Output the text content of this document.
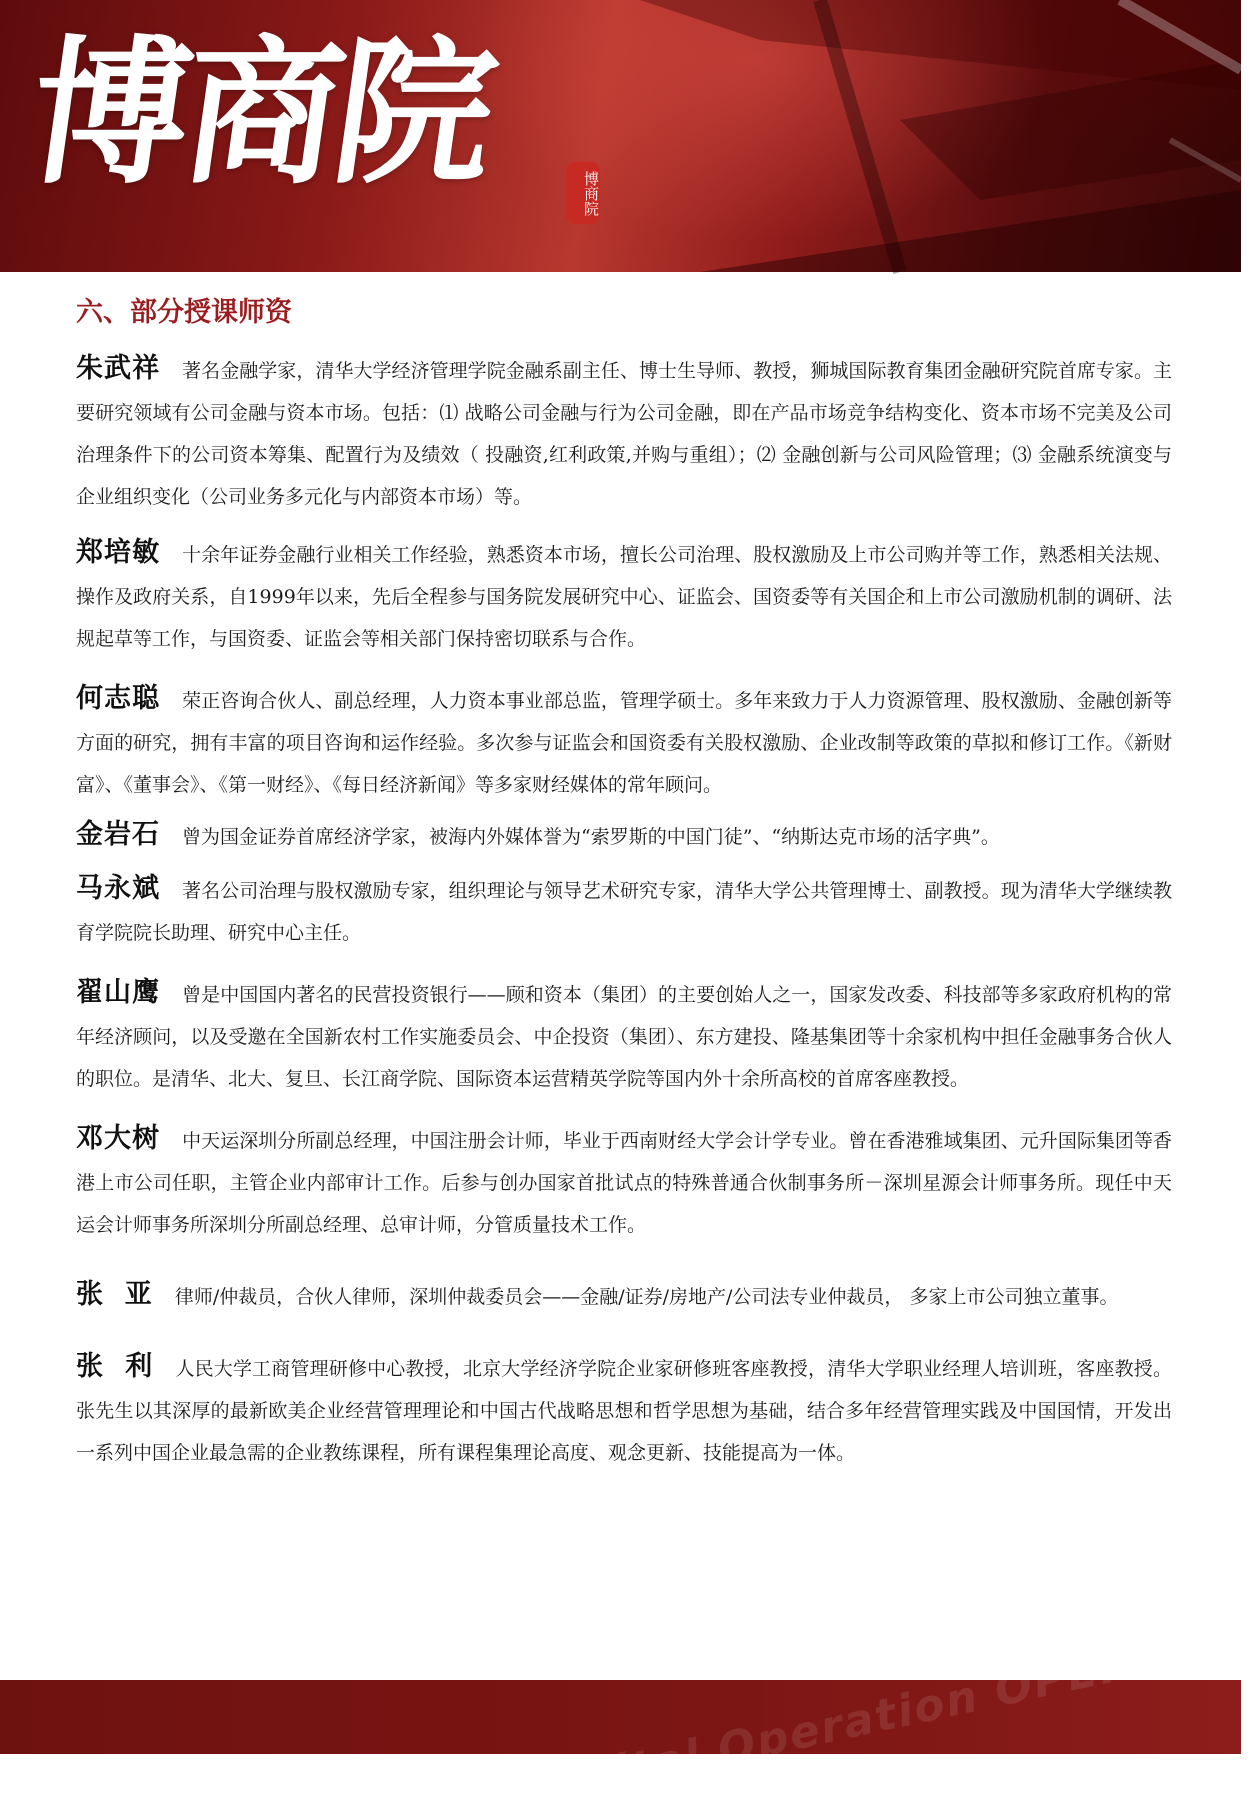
博商院	博商院
六、部分授课师资

朱武祥 著名金融学家，清华大学经济管理学院金融系副主任、博士生导师、教授，狮城国际教育集团金融研究院首席专家。主要研究领域有公司金融与资本市场。包括：⑴ 战略公司金融与行为公司金融，即在产品市场竞争结构变化、资本市场不完美及公司治理条件下的公司资本筹集、配置行为及绩效（ 投融资,红利政策,并购与重组）；⑵ 金融创新与公司风险管理；⑶ 金融系统演变与企业组织变化（公司业务多元化与内部资本市场）等。

郑培敏 十余年证券金融行业相关工作经验，熟悉资本市场，擅长公司治理、股权激励及上市公司购并等工作，熟悉相关法规、操作及政府关系，自1999年以来，先后全程参与国务院发展研究中心、证监会、国资委等有关国企和上市公司激励机制的调研、法规起草等工作，与国资委、证监会等相关部门保持密切联系与合作。

何志聪 荣正咨询合伙人、副总经理，人力资本事业部总监，管理学硕士。多年来致力于人力资源管理、股权激励、金融创新等方面的研究，拥有丰富的项目咨询和运作经验。多次参与证监会和国资委有关股权激励、企业改制等政策的草拟和修订工作。《新财富》、《董事会》、《第一财经》、《每日经济新闻》等多家财经媒体的常年顾问。

金岩石 曾为国金证券首席经济学家，被海内外媒体誉为“索罗斯的中国门徒”、“纳斯达克市场的活字典”。

马永斌 著名公司治理与股权激励专家，组织理论与领导艺术研究专家，清华大学公共管理博士、副教授。现为清华大学继续教育学院院长助理、研究中心主任。

翟山鹰 曾是中国国内著名的民营投资银行——顾和资本（集团）的主要创始人之一，国家发改委、科技部等多家政府机构的常年经济顾问，以及受邀在全国新农村工作实施委员会、中企投资（集团）、东方建投、隆基集团等十余家机构中担任金融事务合伙人的职位。是清华、北大、复旦、长江商学院、国际资本运营精英学院等国内外十余所高校的首席客座教授。

邓大树 中天运深圳分所副总经理，中国注册会计师，毕业于西南财经大学会计学专业。曾在香港雅域集团、元升国际集团等香港上市公司任职，主管企业内部审计工作。后参与创办国家首批试点的特殊普通合伙制事务所－深圳星源会计师事务所。现任中天运会计师事务所深圳分所副总经理、总审计师，分管质量技术工作。

张  亚 律师/仲裁员，合伙人律师，深圳仲裁委员会——金融/证券/房地产/公司法专业仲裁员， 多家上市公司独立董事。

张  利 人民大学工商管理研修中心教授，北京大学经济学院企业家研修班客座教授，清华大学职业经理人培训班，客座教授。张先生以其深厚的最新欧美企业经营管理理论和中国古代战略思想和哲学思想为基础，结合多年经营管理实践及中国国情，开发出一系列中国企业最急需的企业教练课程，所有课程集理论高度、观念更新、技能提高为一体。

Capital Operation OPERATIO
